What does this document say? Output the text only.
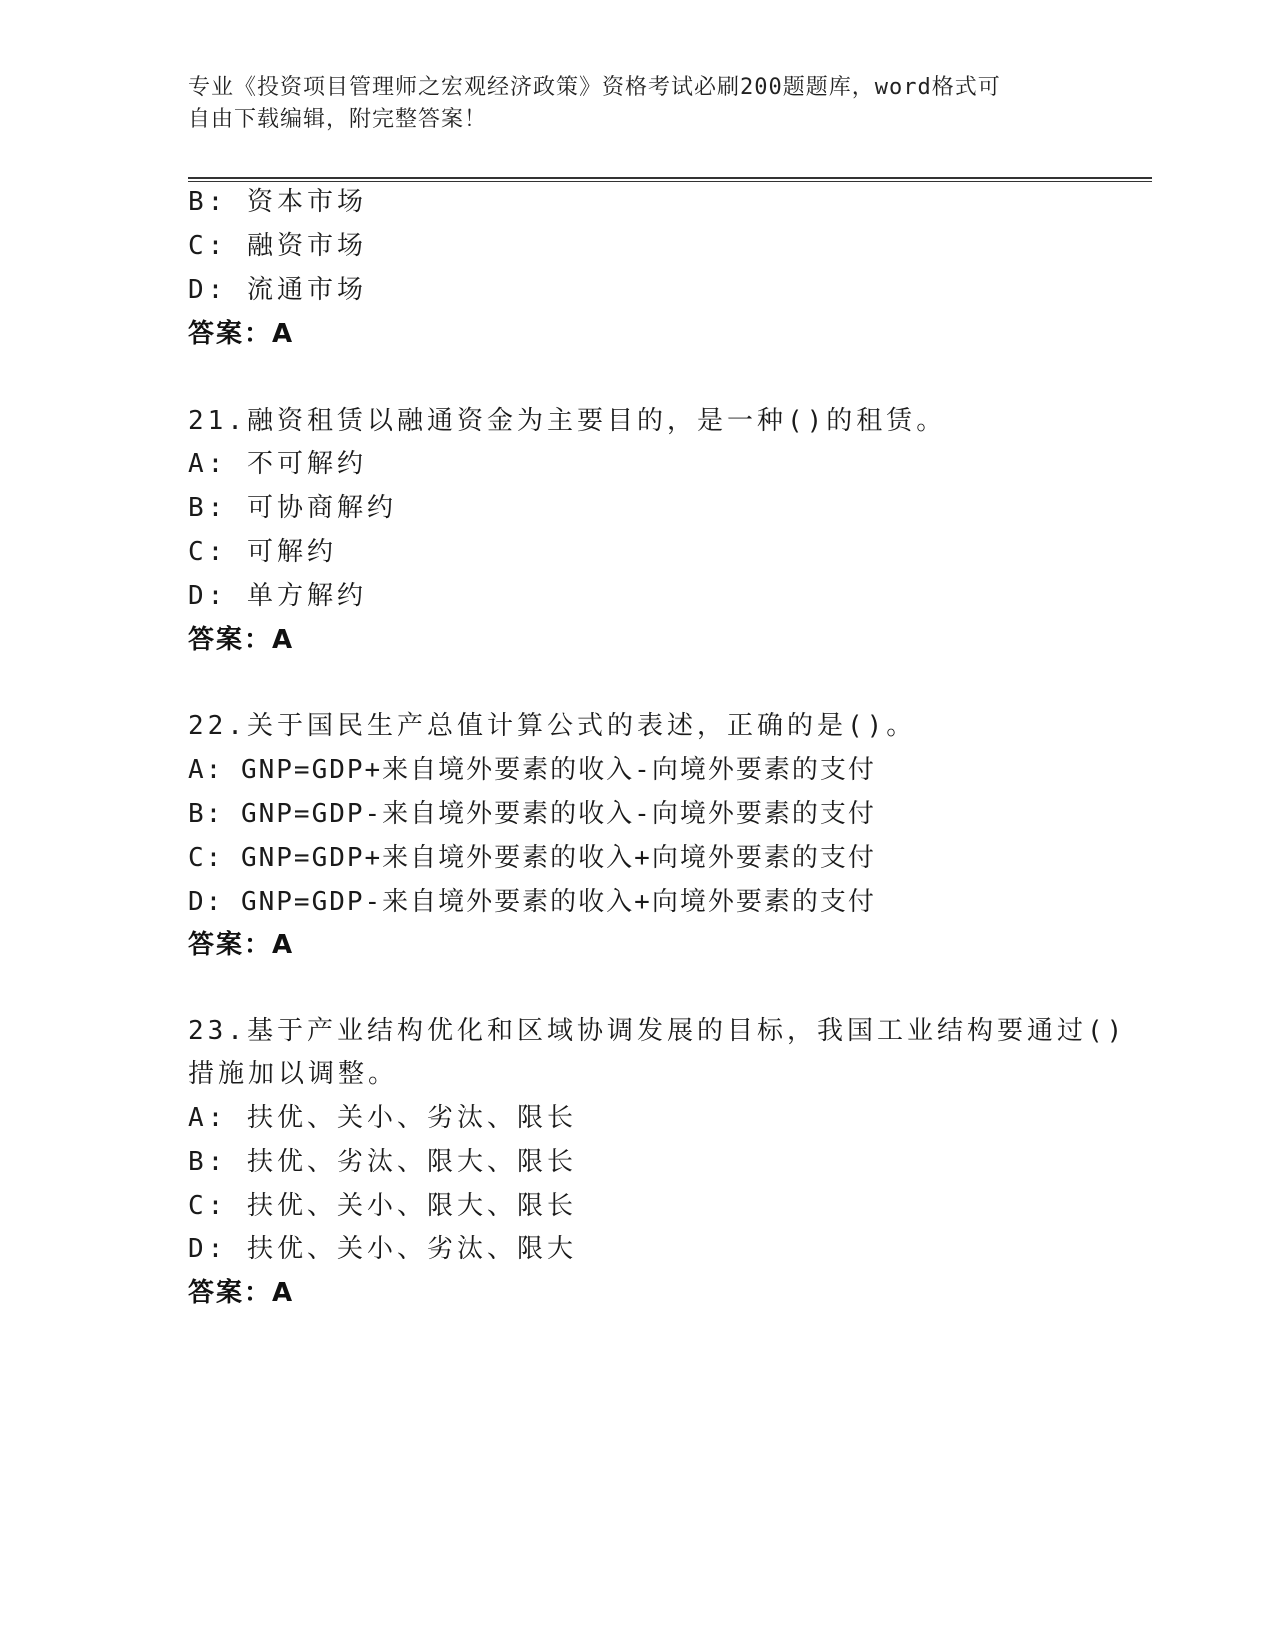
专业《投资项目管理师之宏观经济政策》资格考试必刷200题题库，word格式可
自由下载编辑，附完整答案！
B: 资本市场
C: 融资市场
D: 流通市场
答案：A
21.融资租赁以融通资金为主要目的，是一种()的租赁。
A: 不可解约
B: 可协商解约
C: 可解约
D: 单方解约
答案：A
22.关于国民生产总值计算公式的表述，正确的是()。
A: GNP=GDP+来自境外要素的收入-向境外要素的支付
B: GNP=GDP-来自境外要素的收入-向境外要素的支付
C: GNP=GDP+来自境外要素的收入+向境外要素的支付
D: GNP=GDP-来自境外要素的收入+向境外要素的支付
答案：A
23.基于产业结构优化和区域协调发展的目标，我国工业结构要通过()
措施加以调整。
A: 扶优、关小、劣汰、限长
B: 扶优、劣汰、限大、限长
C: 扶优、关小、限大、限长
D: 扶优、关小、劣汰、限大
答案：A
